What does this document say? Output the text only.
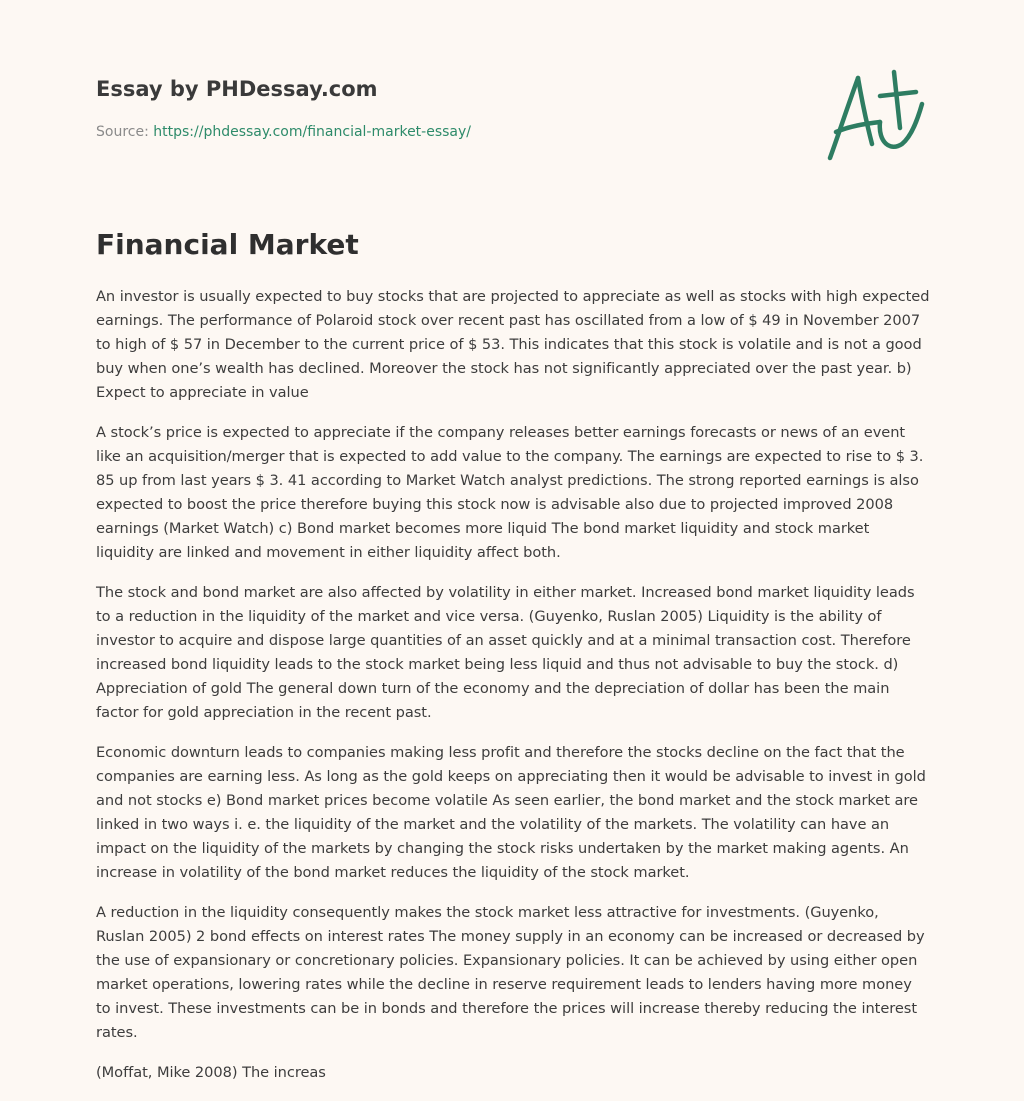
Essay by PHDessay.com
Source: https://phdessay.com/financial-market-essay/
Financial Market

An investor is usually expected to buy stocks that are projected to appreciate as well as stocks with high expected earnings. The performance of Polaroid stock over recent past has oscillated from a low of $ 49 in November 2007 to high of $ 57 in December to the current price of $ 53. This indicates that this stock is volatile and is not a good buy when one’s wealth has declined. Moreover the stock has not significantly appreciated over the past year. b) Expect to appreciate in value

A stock’s price is expected to appreciate if the company releases better earnings forecasts or news of an event like an acquisition/merger that is expected to add value to the company. The earnings are expected to rise to $ 3. 85 up from last years $ 3. 41 according to Market Watch analyst predictions. The strong reported earnings is also expected to boost the price therefore buying this stock now is advisable also due to projected improved 2008 earnings (Market Watch) c) Bond market becomes more liquid The bond market liquidity and stock market liquidity are linked and movement in either liquidity affect both.

The stock and bond market are also affected by volatility in either market. Increased bond market liquidity leads to a reduction in the liquidity of the market and vice versa. (Guyenko, Ruslan 2005) Liquidity is the ability of investor to acquire and dispose large quantities of an asset quickly and at a minimal transaction cost. Therefore increased bond liquidity leads to the stock market being less liquid and thus not advisable to buy the stock. d) Appreciation of gold The general down turn of the economy and the depreciation of dollar has been the main factor for gold appreciation in the recent past.

Economic downturn leads to companies making less profit and therefore the stocks decline on the fact that the companies are earning less. As long as the gold keeps on appreciating then it would be advisable to invest in gold and not stocks e) Bond market prices become volatile As seen earlier, the bond market and the stock market are linked in two ways i. e. the liquidity of the market and the volatility of the markets. The volatility can have an impact on the liquidity of the markets by changing the stock risks undertaken by the market making agents. An increase in volatility of the bond market reduces the liquidity of the stock market.

A reduction in the liquidity consequently makes the stock market less attractive for investments. (Guyenko, Ruslan 2005) 2 bond effects on interest rates The money supply in an economy can be increased or decreased by the use of expansionary or concretionary policies. Expansionary policies. It can be achieved by using either open market operations, lowering rates while the decline in reserve requirement leads to lenders having more money to invest. These investments can be in bonds and therefore the prices will increase thereby reducing the interest rates.

(Moffat, Mike 2008) The increas
